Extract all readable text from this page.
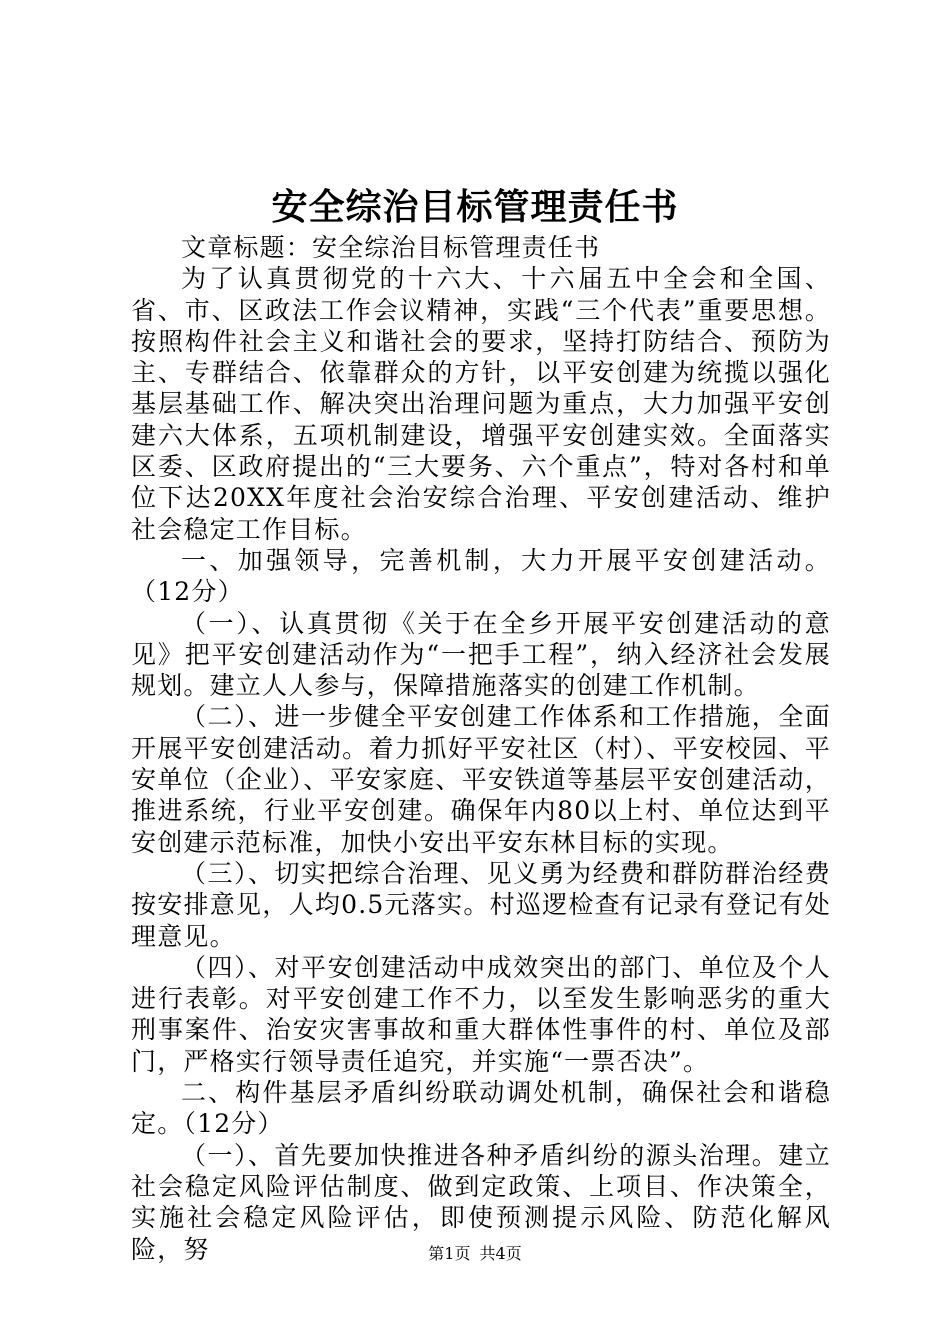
安全综治目标管理责任书

文章标题：安全综治目标管理责任书

为了认真贯彻党的十六大、十六届五中全会和全国、省、市、区政法工作会议精神，实践“三个代表”重要思想。按照构件社会主义和谐社会的要求，坚持打防结合、预防为主、专群结合、依靠群众的方针，以平安创建为统揽以强化基层基础工作、解决突出治理问题为重点，大力加强平安创建六大体系，五项机制建设，增强平安创建实效。全面落实区委、区政府提出的“三大要务、六个重点”，特对各村和单位下达20XX年度社会治安综合治理、平安创建活动、维护社会稳定工作目标。

一、加强领导，完善机制，大力开展平安创建活动。（12分）

（一）、认真贯彻《关于在全乡开展平安创建活动的意见》把平安创建活动作为“一把手工程”，纳入经济社会发展规划。建立人人参与，保障措施落实的创建工作机制。

（二）、进一步健全平安创建工作体系和工作措施，全面开展平安创建活动。着力抓好平安社区（村）、平安校园、平安单位（企业）、平安家庭、平安铁道等基层平安创建活动，推进系统，行业平安创建。确保年内80以上村、单位达到平安创建示范标准，加快小安出平安东林目标的实现。

（三）、切实把综合治理、见义勇为经费和群防群治经费按安排意见，人均0.5元落实。村巡逻检查有记录有登记有处理意见。

（四）、对平安创建活动中成效突出的部门、单位及个人进行表彰。对平安创建工作不力，以至发生影响恶劣的重大刑事案件、治安灾害事故和重大群体性事件的村、单位及部门，严格实行领导责任追究，并实施“一票否决”。

二、构件基层矛盾纠纷联动调处机制，确保社会和谐稳定。（12分）

（一）、首先要加快推进各种矛盾纠纷的源头治理。建立社会稳定风险评估制度、做到定政策、上项目、作决策全，实施社会稳定风险评估，即使预测提示风险、防范化解风险，努	第1页 共4页
